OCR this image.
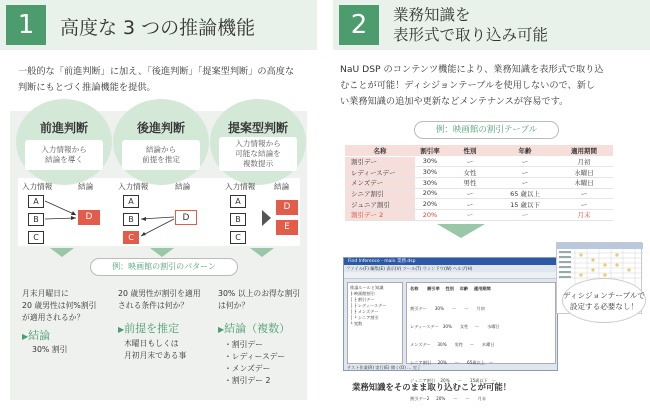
1	高度な 3 つの推論機能
一般的な「前進判断」に加え、「後進判断」「提案型判断」の高度な
判断にもとづく推論機能を提供。
前進判断
入力情報から
結論を導く
後進判断
結論から
前提を推定
提案型判断
入力情報から
可能な結論を
複数提示
入力情報	結論	入力情報	結論	入力情報 結論
A
B
C
D
A
B
C
D
A
B
C
D
E
例：映画館の割引のパターン
月末月曜日に
20 歳男性は何%割引
が適用されるか？
20 歳男性が割引を適用
される条件は何か？
30% 以上のお得な割引
は何か？
▶結論	▶前提を推定	▶結論（複数）
30% 割引
木曜日もしくは
月初月末である事
・割引デー
・レディースデー
・メンズデー
・割引デー 2
2	業務知識を
表形式で取り込み可能
NaU DSP のコンテンツ機能により、業務知識を表形式で取り込
むことが可能！ディシジョンテーブルを使用しないので、新し
い業務知識の追加や更新などメンテナンスが容易です。
例：映画館の割引テーブル
名称	割引率	性別	年齢	適用期間
割引デー	30%	ー	ー	月初
レディースデー	30%	女性	ー	水曜日
メンズデー	30%	男性	ー	木曜日
シニア割引	20%	ー	65 歳以上	ー
ジュニア割引	20%	ー	15 歳以下	ー
割引デー 2	20%	ー	ー	月末
Find Inference - main 業務.dsp
ファイル(F) 編集(E) 表示(V) ツール(T) ウィンドウ(W) ヘルプ(H)
推論ルールと知識
├ 映画館割引
│ ├ 割引デー
│ ├ レディースデー
│ ├ メンズデー
│ └ シニア割引
└ 変数
名称      割引率    性別    年齢    適用期間

割引デー      30%      ー      ー      月初

レディースデー   30%      女性     ー      水曜日

メンズデー     30%      男性     ー      木曜日

シニア割引     20%      ー      65歳以上   ー

ジュニア割引    20%      ー      15歳以下   ー

割引デー2     20%      ー      ー      月末

テスト作業(R) 実行(E) 開く(O) … 完了
ディシジョンテーブルで
設定する必要なし！
業務知識をそのまま取り込むことが可能！
